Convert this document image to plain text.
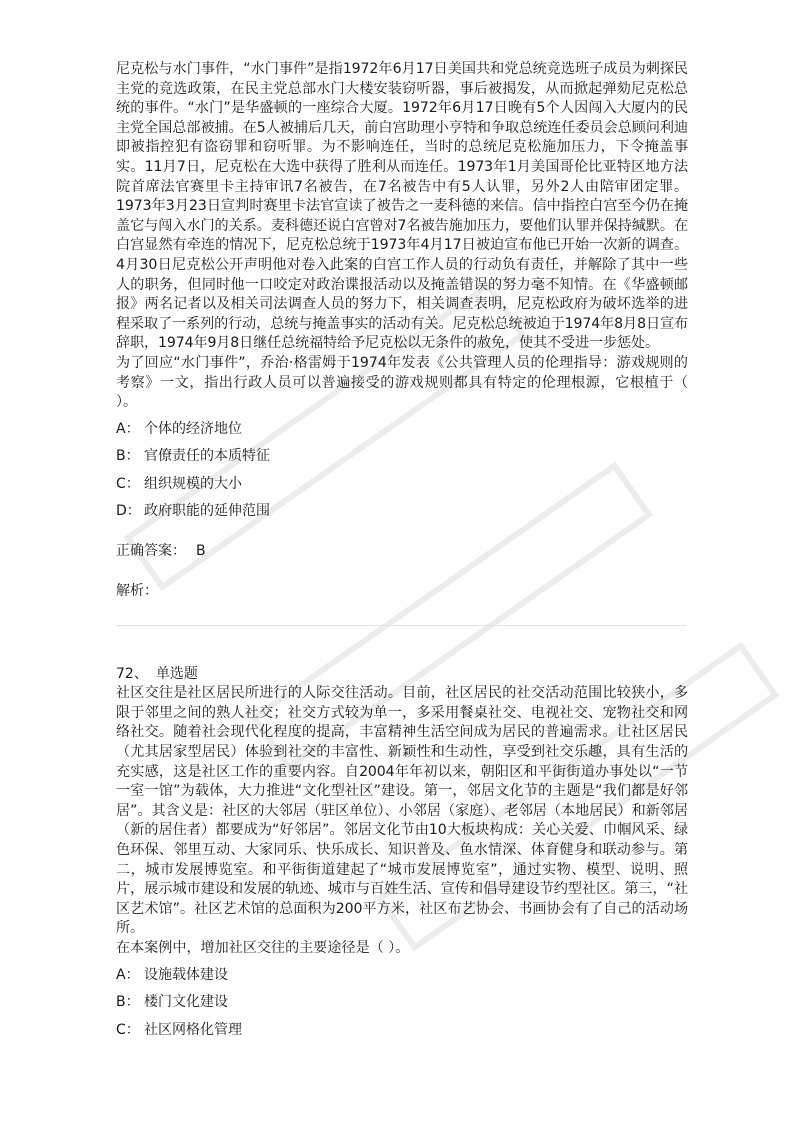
尼克松与水门事件，“水门事件”是指1972年6月17日美国共和党总统竞选班子成员为刺探民主党的竞选政策，在民主党总部水门大楼安装窃听器，事后被揭发，从而掀起弹劾尼克松总统的事件。“水门”是华盛顿的一座综合大厦。1972年6月17日晚有5个人因闯入大厦内的民主党全国总部被捕。在5人被捕后几天，前白宫助理小亨特和争取总统连任委员会总顾问利迪即被指控犯有盗窃罪和窃听罪。为不影响连任，当时的总统尼克松施加压力，下令掩盖事实。11月7日，尼克松在大选中获得了胜利从而连任。1973年1月美国哥伦比亚特区地方法院首席法官赛里卡主持审讯7名被告，在7名被告中有5人认罪，另外2人由陪审团定罪。1973年3月23日宣判时赛里卡法官宣读了被告之一麦科德的来信。信中指控白宫至今仍在掩盖它与闯入水门的关系。麦科德还说白宫曾对7名被告施加压力，要他们认罪并保持缄默。在白宫显然有牵连的情况下，尼克松总统于1973年4月17日被迫宣布他已开始一次新的调查。4月30日尼克松公开声明他对卷入此案的白宫工作人员的行动负有责任，并解除了其中一些人的职务，但同时他一口咬定对政治谍报活动以及掩盖错误的努力毫不知情。在《华盛顿邮报》两名记者以及相关司法调查人员的努力下，相关调查表明，尼克松政府为破坏选举的进程采取了一系列的行动，总统与掩盖事实的活动有关。尼克松总统被迫于1974年8月8日宣布辞职，1974年9月8日继任总统福特给予尼克松以无条件的赦免，使其不受进一步惩处。

为了回应“水门事件”，乔治·格雷姆于1974年发表《公共管理人员的伦理指导：游戏规则的考察》一文，指出行政人员可以普遍接受的游戏规则都具有特定的伦理根源，它根植于（ ）。

A： 个体的经济地位
B： 官僚责任的本质特征
C： 组织规模的大小
D： 政府职能的延伸范围
正确答案： B
解析：
72、 单选题

社区交往是社区居民所进行的人际交往活动。目前，社区居民的社交活动范围比较狭小，多限于邻里之间的熟人社交；社交方式较为单一，多采用餐桌社交、电视社交、宠物社交和网络社交。随着社会现代化程度的提高，丰富精神生活空间成为居民的普遍需求。让社区居民（尤其居家型居民）体验到社交的丰富性、新颖性和生动性，享受到社交乐趣，具有生活的充实感，这是社区工作的重要内容。自2004年年初以来，朝阳区和平街街道办事处以“一节一室一馆”为载体，大力推进“文化型社区”建设。第一，邻居文化节的主题是“我们都是好邻居”。其含义是：社区的大邻居（驻区单位）、小邻居（家庭）、老邻居（本地居民）和新邻居（新的居住者）都要成为“好邻居”。邻居文化节由10大板块构成：关心关爱、巾帼风采、绿色环保、邻里互动、大家同乐、快乐成长、知识普及、鱼水情深、体育健身和联动参与。第二，城市发展博览室。和平街街道建起了“城市发展博览室”，通过实物、模型、说明、照片，展示城市建设和发展的轨迹、城市与百姓生活、宣传和倡导建设节约型社区。第三，“社区艺术馆”。社区艺术馆的总面积为200平方米，社区布艺协会、书画协会有了自己的活动场所。

在本案例中，增加社区交往的主要途径是（ ）。

A： 设施载体建设
B： 楼门文化建设
C： 社区网格化管理
